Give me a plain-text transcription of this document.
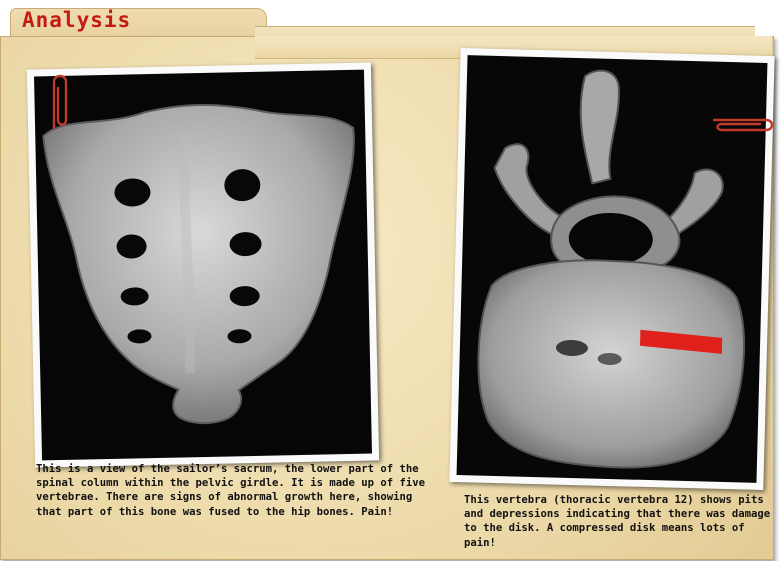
Analysis
This is a view of the sailor’s sacrum, the lower part of the spinal column within the pelvic girdle. It is made up of five vertebrae. There are signs of abnormal growth here, showing that part of this bone was fused to the hip bones. Pain!
This vertebra (thoracic vertebra 12) shows pits and depressions indicating that there was damage to the disk. A compressed disk means lots of pain!
